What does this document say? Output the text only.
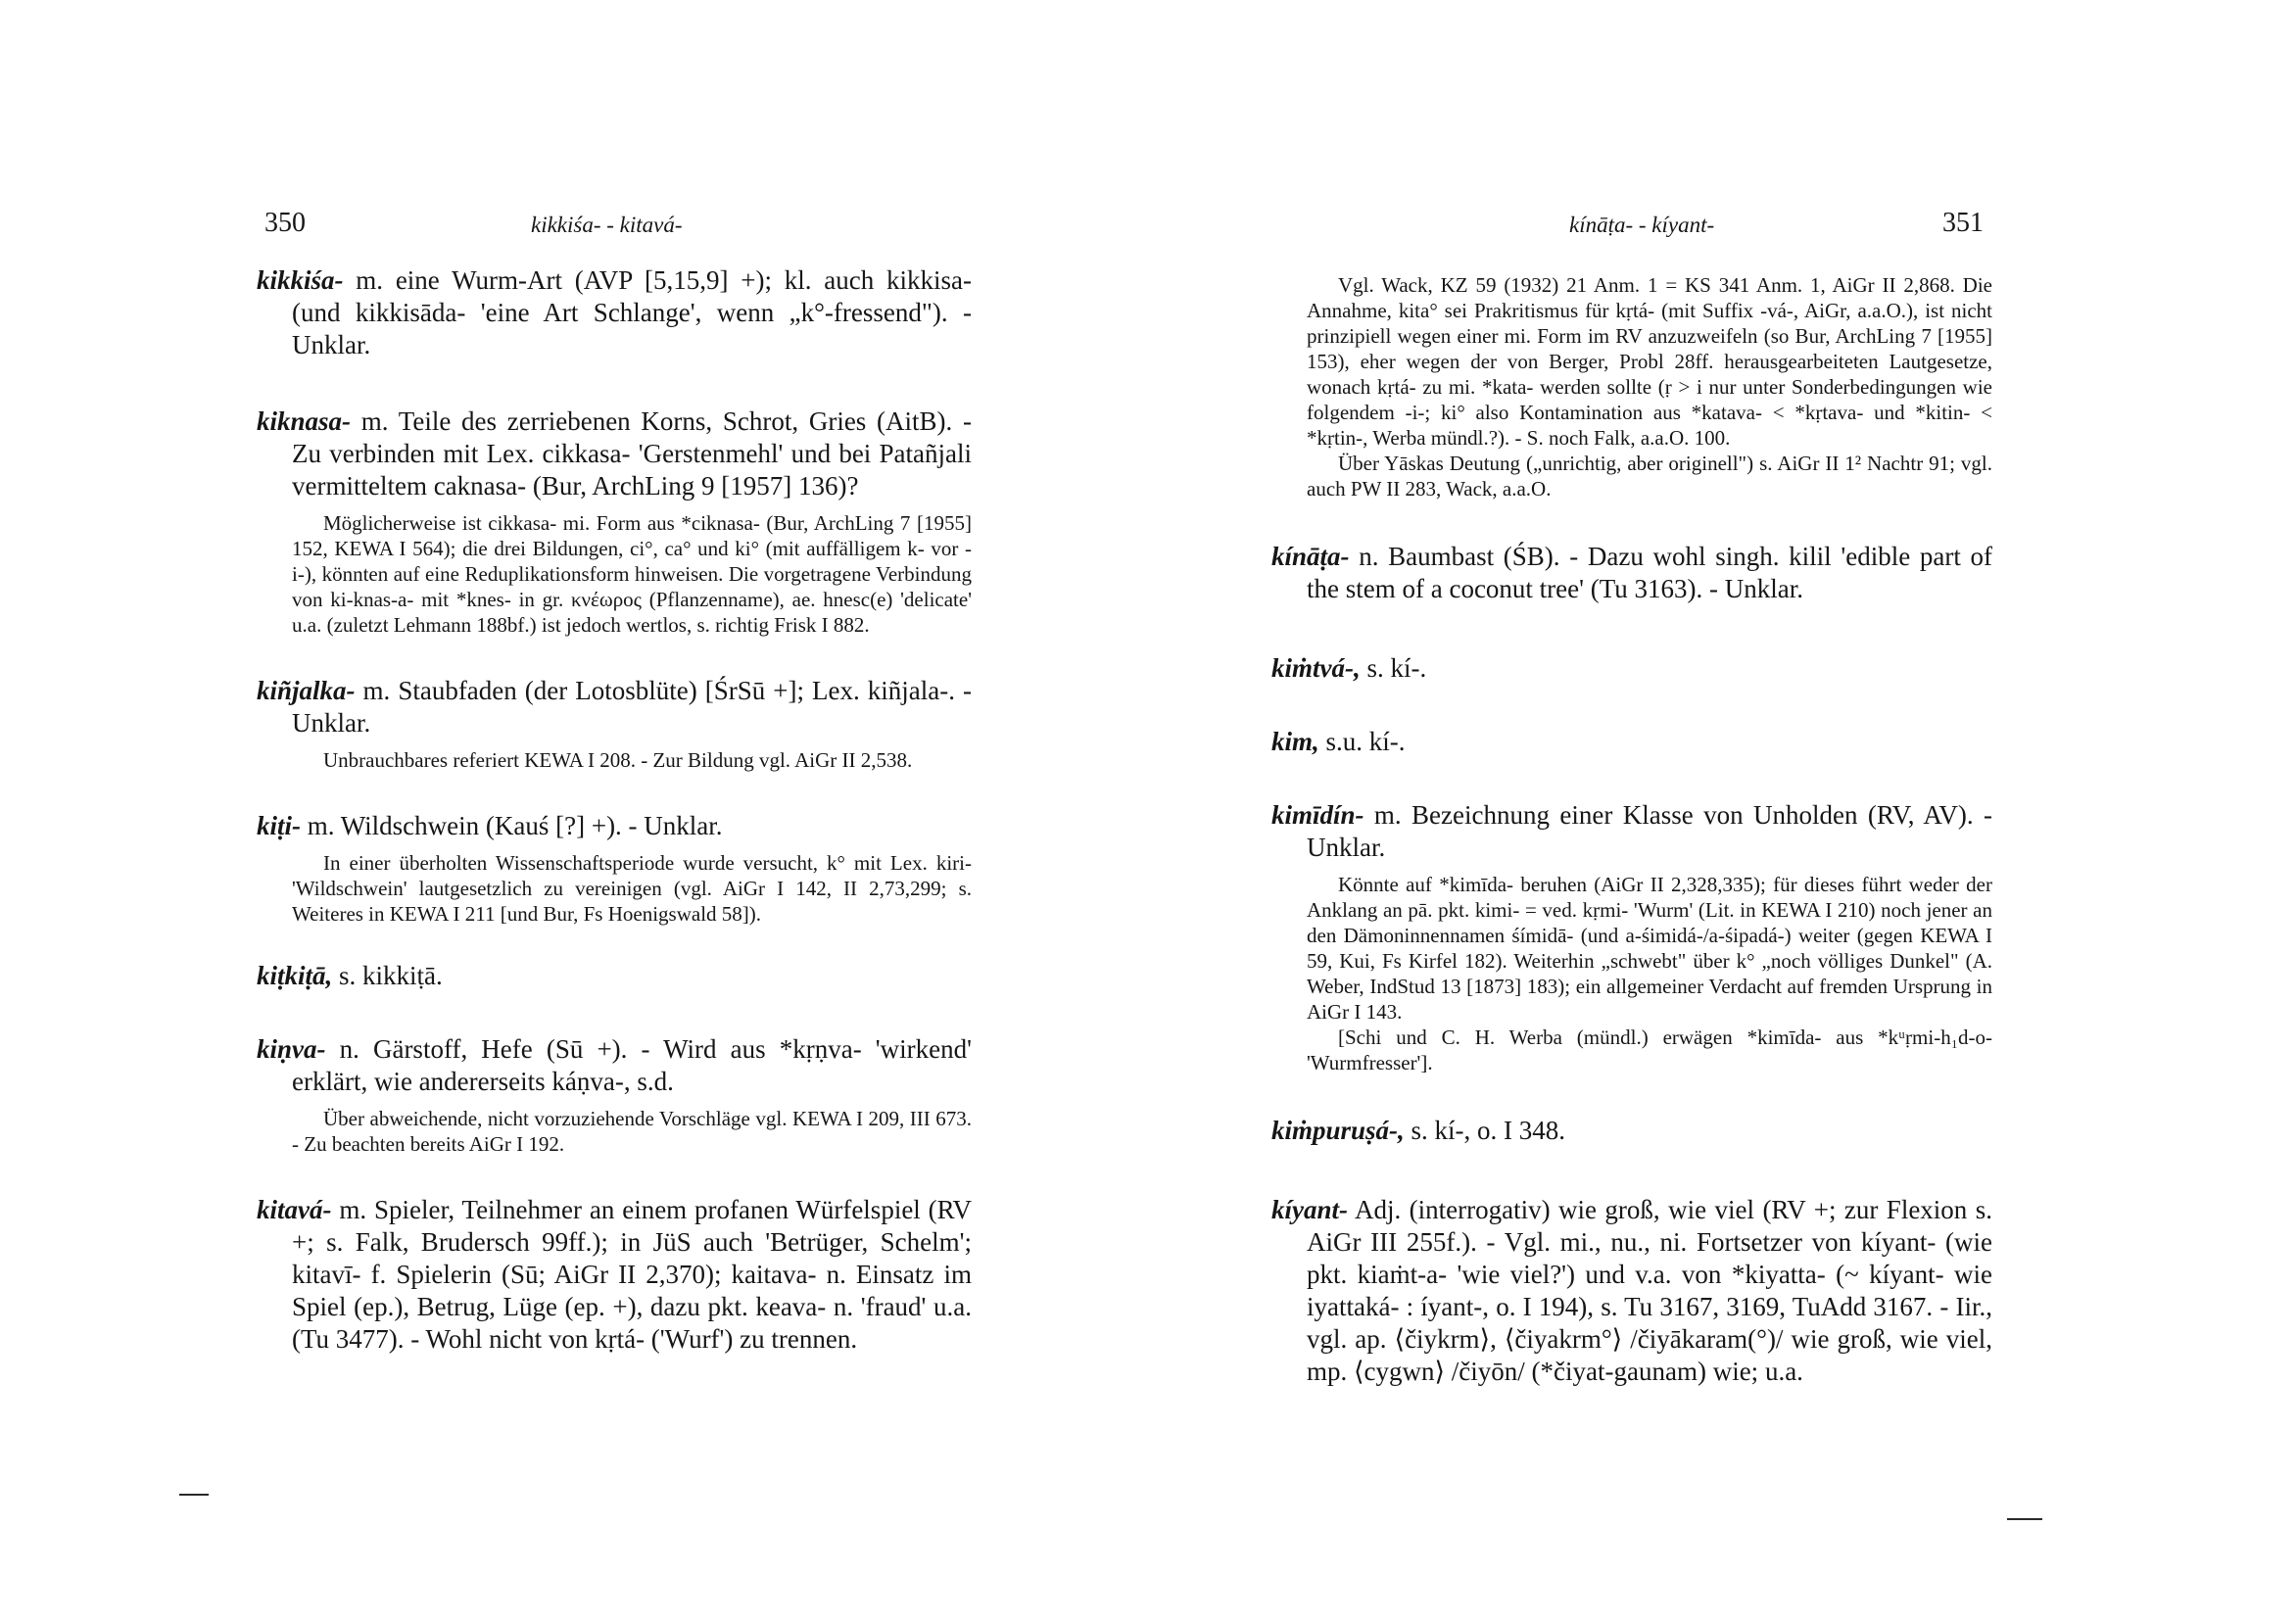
350	kikkiśa- - kitavá-

kikkiśa- m. eine Wurm-Art (AVP [5,15,9] +); kl. auch kikkisa- (und kikkisāda- 'eine Art Schlange', wenn „k°-fressend"). - Unklar.

kiknasa- m. Teile des zerriebenen Korns, Schrot, Gries (AitB). - Zu verbinden mit Lex. cikkasa- 'Gerstenmehl' und bei Patañjali vermitteltem caknasa- (Bur, ArchLing 9 [1957] 136)?

Möglicherweise ist cikkasa- mi. Form aus *ciknasa- (Bur, ArchLing 7 [1955] 152, KEWA I 564); die drei Bildungen, ci°, ca° und ki° (mit auffälligem k- vor -i-), könnten auf eine Reduplikationsform hinweisen. Die vorgetragene Verbindung von ki-knas-a- mit *knes- in gr. κνέωρος (Pflanzenname), ae. hnesc(e) 'delicate' u.a. (zuletzt Lehmann 188bf.) ist jedoch wertlos, s. richtig Frisk I 882.

kiñjalka- m. Staubfaden (der Lotosblüte) [ŚrSū +]; Lex. kiñjala-. - Unklar.

Unbrauchbares referiert KEWA I 208. - Zur Bildung vgl. AiGr II 2,538.

kiṭi- m. Wildschwein (Kauś [?] +). - Unklar.

In einer überholten Wissenschaftsperiode wurde versucht, k° mit Lex. kiri- 'Wildschwein' lautgesetzlich zu vereinigen (vgl. AiGr I 142, II 2,73,299; s. Weiteres in KEWA I 211 [und Bur, Fs Hoenigswald 58]).

kiṭkiṭā, s. kikkiṭā.

kiṇva- n. Gärstoff, Hefe (Sū +). - Wird aus *kṛṇva- 'wirkend' erklärt, wie andererseits káṇva-, s.d.

Über abweichende, nicht vorzuziehende Vorschläge vgl. KEWA I 209, III 673. - Zu beachten bereits AiGr I 192.

kitavá- m. Spieler, Teilnehmer an einem profanen Würfelspiel (RV +; s. Falk, Brudersch 99ff.); in JüS auch 'Betrüger, Schelm'; kitavī- f. Spielerin (Sū; AiGr II 2,370); kaitava- n. Einsatz im Spiel (ep.), Betrug, Lüge (ep. +), dazu pkt. keava- n. 'fraud' u.a. (Tu 3477). - Wohl nicht von kṛtá- ('Wurf') zu trennen.

kínāṭa- - kíyant-	351

Vgl. Wack, KZ 59 (1932) 21 Anm. 1 = KS 341 Anm. 1, AiGr II 2,868. Die Annahme, kita° sei Prakritismus für kṛtá- (mit Suffix -vá-, AiGr, a.a.O.), ist nicht prinzipiell wegen einer mi. Form im RV anzuzweifeln (so Bur, ArchLing 7 [1955] 153), eher wegen der von Berger, Probl 28ff. herausgearbeiteten Lautgesetze, wonach kṛtá- zu mi. *kata- werden sollte (ṛ > i nur unter Sonderbedingungen wie folgendem -i-; ki° also Kontamination aus *katava- < *kṛtava- und *kitin- < *kṛtin-, Werba mündl.?). - S. noch Falk, a.a.O. 100.

Über Yāskas Deutung („unrichtig, aber originell") s. AiGr II 1² Nachtr 91; vgl. auch PW II 283, Wack, a.a.O.

kínāṭa- n. Baumbast (ŚB). - Dazu wohl singh. kilil 'edible part of the stem of a coconut tree' (Tu 3163). - Unklar.

kiṁtvá-, s. kí-.

kim, s.u. kí-.

kimīdín- m. Bezeichnung einer Klasse von Unholden (RV, AV). - Unklar.

Könnte auf *kimīda- beruhen (AiGr II 2,328,335); für dieses führt weder der Anklang an pā. pkt. kimi- = ved. kṛmi- 'Wurm' (Lit. in KEWA I 210) noch jener an den Dämoninnennamen śímidā- (und a-śimidá-/a-śipadá-) weiter (gegen KEWA I 59, Kui, Fs Kirfel 182). Weiterhin „schwebt" über k° „noch völliges Dunkel" (A. Weber, IndStud 13 [1873] 183); ein allgemeiner Verdacht auf fremden Ursprung in AiGr I 143.

[Schi und C. H. Werba (mündl.) erwägen *kimīda- aus *kᵘṛmi-h₁d-o- 'Wurmfresser'].

kiṁpuruṣá-, s. kí-, o. I 348.

kíyant- Adj. (interrogativ) wie groß, wie viel (RV +; zur Flexion s. AiGr III 255f.). - Vgl. mi., nu., ni. Fortsetzer von kíyant- (wie pkt. kiaṁt-a- 'wie viel?') und v.a. von *kiyatta- (~ kíyant- wie iyattaká- : íyant-, o. I 194), s. Tu 3167, 3169, TuAdd 3167. - Iir., vgl. ap. ⟨čiykrm⟩, ⟨čiyakrm°⟩ /čiyākaram(°)/ wie groß, wie viel, mp. ⟨cygwn⟩ /čiyōn/ (*čiyat-gaunam) wie; u.a.
